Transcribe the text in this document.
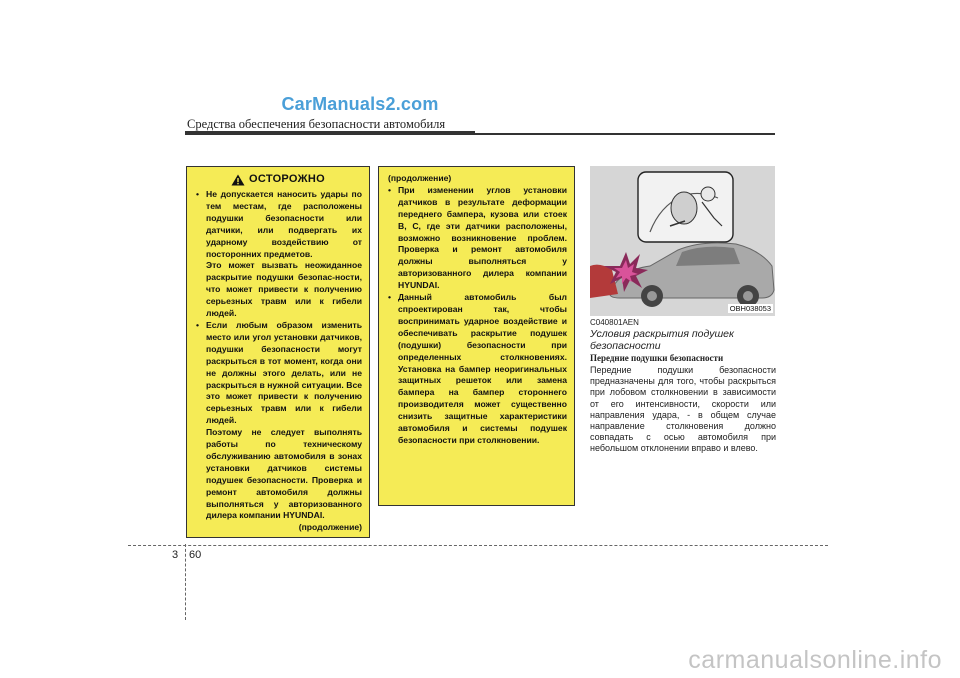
CarManuals2.com
Средства обеспечения безопасности автомобиля
ОСТОРОЖНО

• Не допускается наносить удары по тем местам, где расположены подушки безопасности или датчики, или подвергать их ударному воздействию от посторонних предметов.

Это может вызвать неожиданное раскрытие подушки безопас-ности, что может привести к получению серьезных травм или к гибели людей.

• Если любым образом изменить место или угол установки датчиков, подушки безопасности могут раскрыться в тот момент, когда они не должны этого делать, или не раскрыться в нужной ситуации. Все это может привести к получению серьезных травм или к гибели людей.

Поэтому не следует выполнять работы по техническому обслуживанию автомобиля в зонах установки датчиков системы подушек безопасности. Проверка и ремонт автомобиля должны выполняться у авторизованного дилера компании HYUNDAI.

(продолжение)

(продолжение)

• При изменении углов установки датчиков в результате деформации переднего бампера, кузова или стоек B, C, где эти датчики расположены, возможно возникновение проблем. Проверка и ремонт автомобиля должны выполняться у авторизованного дилера компании HYUNDAI.

• Данный автомобиль был спроектирован так, чтобы воспринимать ударное воздействие и обеспечивать раскрытие подушек (подушки) безопасности при определенных столкновениях. Установка на бампер неоригинальных защитных решеток или замена бампера на бампер стороннего производителя может существенно снизить защитные характеристики автомобиля и системы подушек безопасности при столкновении.

OBH038053
C040801AEN
Условия раскрытия подушек безопасности
Передние подушки безопасности
Передние подушки безопасности предназначены для того, чтобы раскрыться при лобовом столкновении в зависимости от его интенсивности, скорости или направления удара, - в общем случае направление столкновения должно совпадать с осью автомобиля при небольшом отклонении вправо и влево.
3 60
carmanualsonline.info
